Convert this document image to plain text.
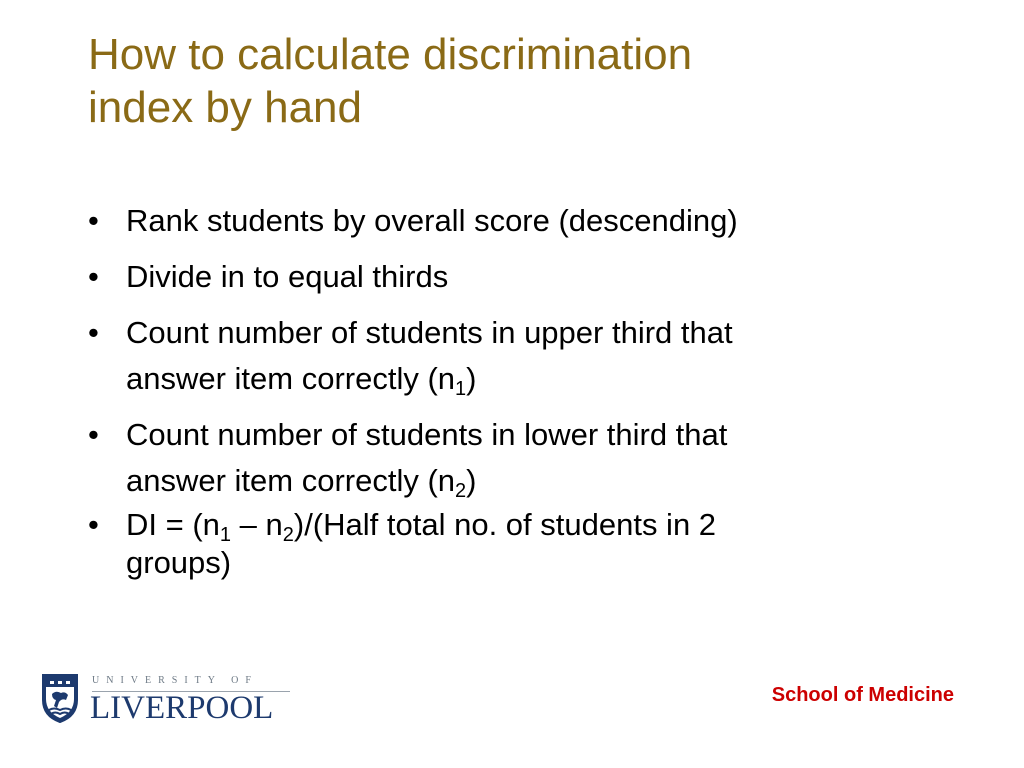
How to calculate discrimination
index by hand
• Rank students by overall score (descending)
• Divide in to equal thirds
• Count number of students in upper third that
answer item correctly $(n_1)$
• Count number of students in lower third that
answer item correctly $(n_2)$
• DI = ($n_1$ – $n_2)/(Half$ total no. of students in 2
groups)
UNIVERSITY OF
LIVERPOOL	School of Medicine
